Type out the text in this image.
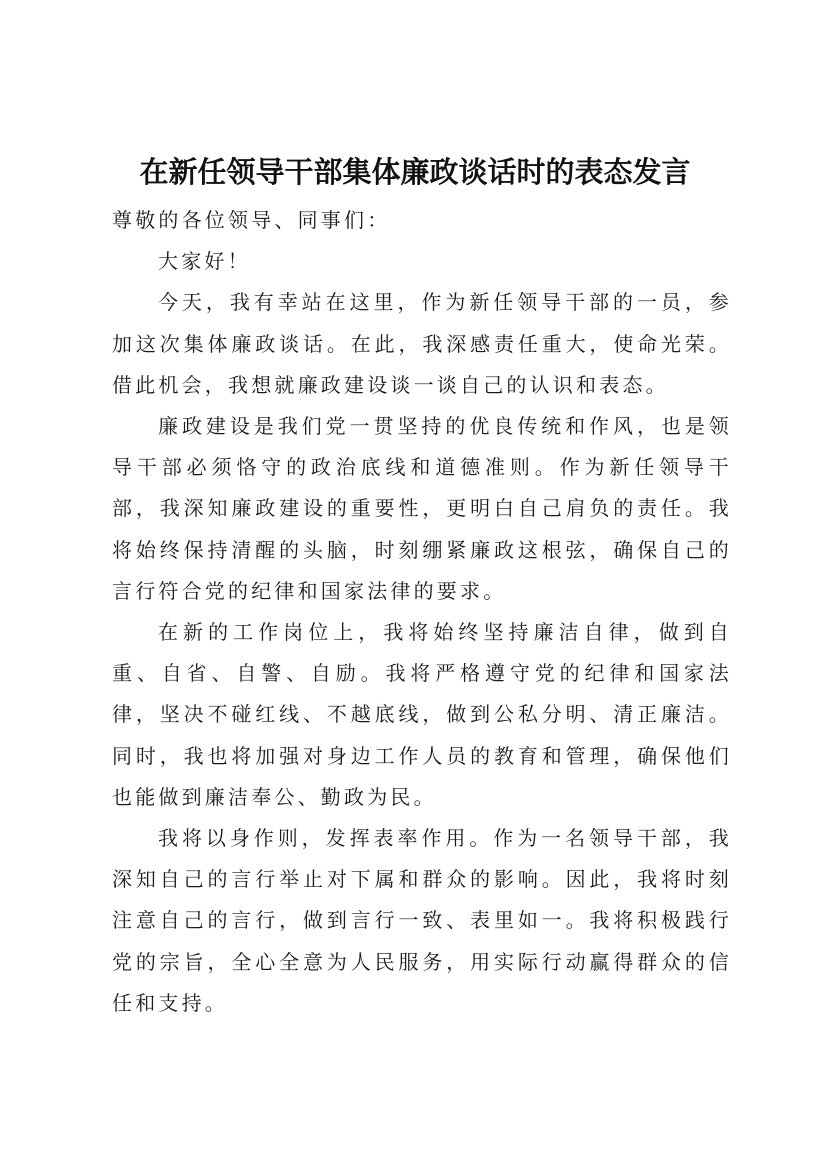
在新任领导干部集体廉政谈话时的表态发言

尊敬的各位领导、同事们：

大家好！

今天，我有幸站在这里，作为新任领导干部的一员，参加这次集体廉政谈话。在此，我深感责任重大，使命光荣。借此机会，我想就廉政建设谈一谈自己的认识和表态。

廉政建设是我们党一贯坚持的优良传统和作风，也是领导干部必须恪守的政治底线和道德准则。作为新任领导干部，我深知廉政建设的重要性，更明白自己肩负的责任。我将始终保持清醒的头脑，时刻绷紧廉政这根弦，确保自己的言行符合党的纪律和国家法律的要求。

在新的工作岗位上，我将始终坚持廉洁自律，做到自重、自省、自警、自励。我将严格遵守党的纪律和国家法律，坚决不碰红线、不越底线，做到公私分明、清正廉洁。同时，我也将加强对身边工作人员的教育和管理，确保他们也能做到廉洁奉公、勤政为民。

我将以身作则，发挥表率作用。作为一名领导干部，我深知自己的言行举止对下属和群众的影响。因此，我将时刻注意自己的言行，做到言行一致、表里如一。我将积极践行党的宗旨，全心全意为人民服务，用实际行动赢得群众的信任和支持。
